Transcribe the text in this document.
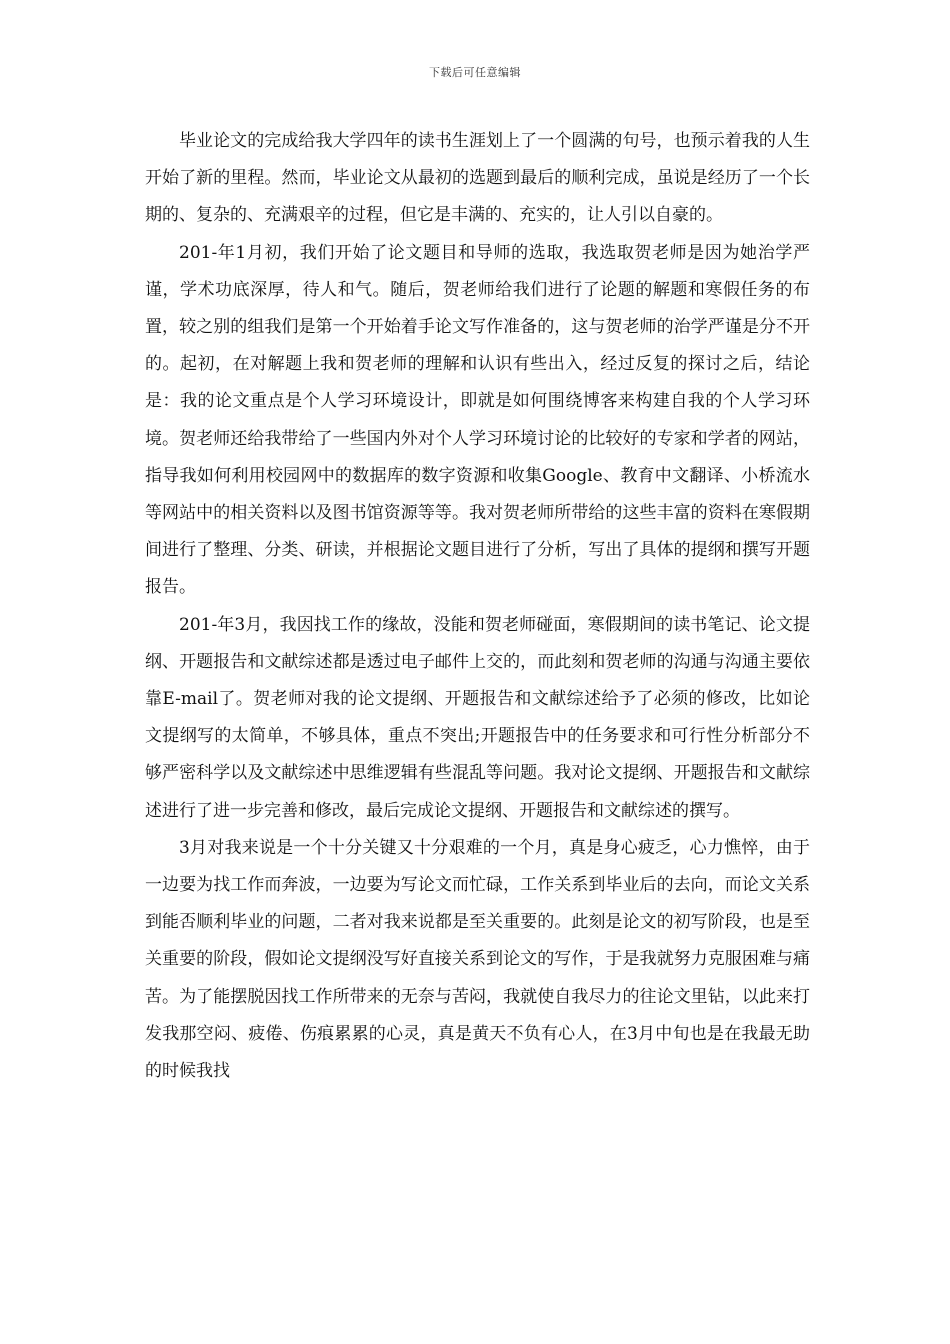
下载后可任意编辑

毕业论文的完成给我大学四年的读书生涯划上了一个圆满的句号，也预示着我的人生开始了新的里程。然而，毕业论文从最初的选题到最后的顺利完成，虽说是经历了一个长期的、复杂的、充满艰辛的过程，但它是丰满的、充实的，让人引以自豪的。

201-年1月初，我们开始了论文题目和导师的选取，我选取贺老师是因为她治学严谨，学术功底深厚，待人和气。随后，贺老师给我们进行了论题的解题和寒假任务的布置，较之别的组我们是第一个开始着手论文写作准备的，这与贺老师的治学严谨是分不开的。起初，在对解题上我和贺老师的理解和认识有些出入，经过反复的探讨之后，结论是：我的论文重点是个人学习环境设计，即就是如何围绕博客来构建自我的个人学习环境。贺老师还给我带给了一些国内外对个人学习环境讨论的比较好的专家和学者的网站，指导我如何利用校园网中的数据库的数字资源和收集Google、教育中文翻译、小桥流水等网站中的相关资料以及图书馆资源等等。我对贺老师所带给的这些丰富的资料在寒假期间进行了整理、分类、研读，并根据论文题目进行了分析，写出了具体的提纲和撰写开题报告。

201-年3月，我因找工作的缘故，没能和贺老师碰面，寒假期间的读书笔记、论文提纲、开题报告和文献综述都是透过电子邮件上交的，而此刻和贺老师的沟通与沟通主要依靠E-mail了。贺老师对我的论文提纲、开题报告和文献综述给予了必须的修改，比如论文提纲写的太简单，不够具体，重点不突出;开题报告中的任务要求和可行性分析部分不够严密科学以及文献综述中思维逻辑有些混乱等问题。我对论文提纲、开题报告和文献综述进行了进一步完善和修改，最后完成论文提纲、开题报告和文献综述的撰写。

3月对我来说是一个十分关键又十分艰难的一个月，真是身心疲乏，心力憔悴，由于一边要为找工作而奔波，一边要为写论文而忙碌，工作关系到毕业后的去向，而论文关系到能否顺利毕业的问题，二者对我来说都是至关重要的。此刻是论文的初写阶段，也是至关重要的阶段，假如论文提纲没写好直接关系到论文的写作，于是我就努力克服困难与痛苦。为了能摆脱因找工作所带来的无奈与苦闷，我就使自我尽力的往论文里钻，以此来打发我那空闷、疲倦、伤痕累累的心灵，真是黄天不负有心人，在3月中旬也是在我最无助的时候我找
